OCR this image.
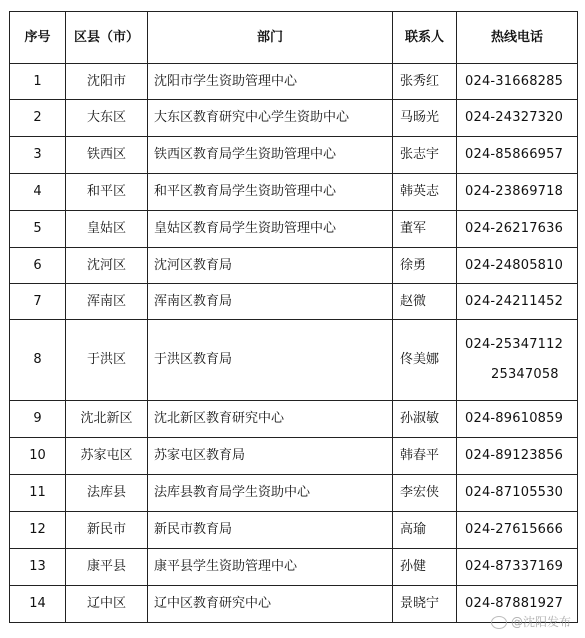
序号	区县（市）	部门	联系人	热线电话
1	沈阳市	沈阳市学生资助管理中心	张秀红	024-31668285

2	大东区	大东区教育研究中心学生资助中心	马旸光	024-24327320

3	铁西区	铁西区教育局学生资助管理中心	张志宇	024-85866957

4	和平区	和平区教育局学生资助管理中心	韩英志	024-23869718

5	皇姑区	皇姑区教育局学生资助管理中心	董军	024-26217636

6	沈河区	沈河区教育局	徐勇	024-24805810

7	浑南区	浑南区教育局	赵微	024-24211452

8	于洪区	于洪区教育局	佟美娜	024-25347112
25347058

9	沈北新区	沈北新区教育研究中心	孙淑敏	024-89610859

10	苏家屯区	苏家屯区教育局	韩春平	024-89123856

11	法库县	法库县教育局学生资助中心	李宏侠	024-87105530

12	新民市	新民市教育局	高瑜	024-27615666

13	康平县	康平县学生资助管理中心	孙健	024-87337169

14	辽中区	辽中区教育研究中心	景晓宁	024-87881927
@沈阳发布
